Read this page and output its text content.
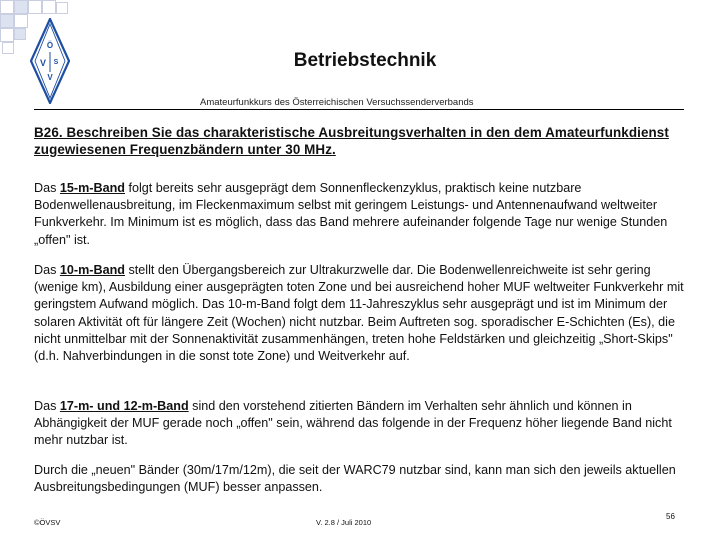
Ö
V S
V
Betriebstechnik
Amateurfunkkurs des Österreichischen Versuchssenderverbands

B26. Beschreiben Sie das charakteristische Ausbreitungsverhalten in den dem Amateurfunkdienst zugewiesenen Frequenzbändern unter 30 MHz.

Das 15-m-Band folgt bereits sehr ausgeprägt dem Sonnenfleckenzyklus, praktisch keine nutzbare Bodenwellenausbreitung, im Fleckenmaximum selbst mit geringem Leistungs- und Antennenaufwand weltweiter Funkverkehr. Im Minimum ist es möglich, dass das Band mehrere aufeinander folgende Tage nur wenige Stunden „offen" ist.

Das 10-m-Band stellt den Übergangsbereich zur Ultrakurzwelle dar. Die Bodenwellenreichweite ist sehr gering (wenige km), Ausbildung einer ausgeprägten toten Zone und bei ausreichend hoher MUF weltweiter Funkverkehr mit geringstem Aufwand möglich. Das 10-m-Band folgt dem 11-Jahreszyklus sehr ausgeprägt und ist im Minimum der solaren Aktivität oft für längere Zeit (Wochen) nicht nutzbar. Beim Auftreten sog. sporadischer E-Schichten (Es), die nicht unmittelbar mit der Sonnenaktivität zusammenhängen, treten hohe Feldstärken und gleichzeitig „Short-Skips" (d.h. Nahverbindungen in die sonst tote Zone) und Weitverkehr auf.

Das 17-m- und 12-m-Band sind den vorstehend zitierten Bändern im Verhalten sehr ähnlich und können in Abhängigkeit der MUF gerade noch „offen" sein, während das folgende in der Frequenz höher liegende Band nicht mehr nutzbar ist.

Durch die „neuen" Bänder (30m/17m/12m), die seit der WARC79 nutzbar sind, kann man sich den jeweils aktuellen Ausbreitungsbedingungen (MUF) besser anpassen.

©ÖVSV	V. 2.8 / Juli 2010
56
